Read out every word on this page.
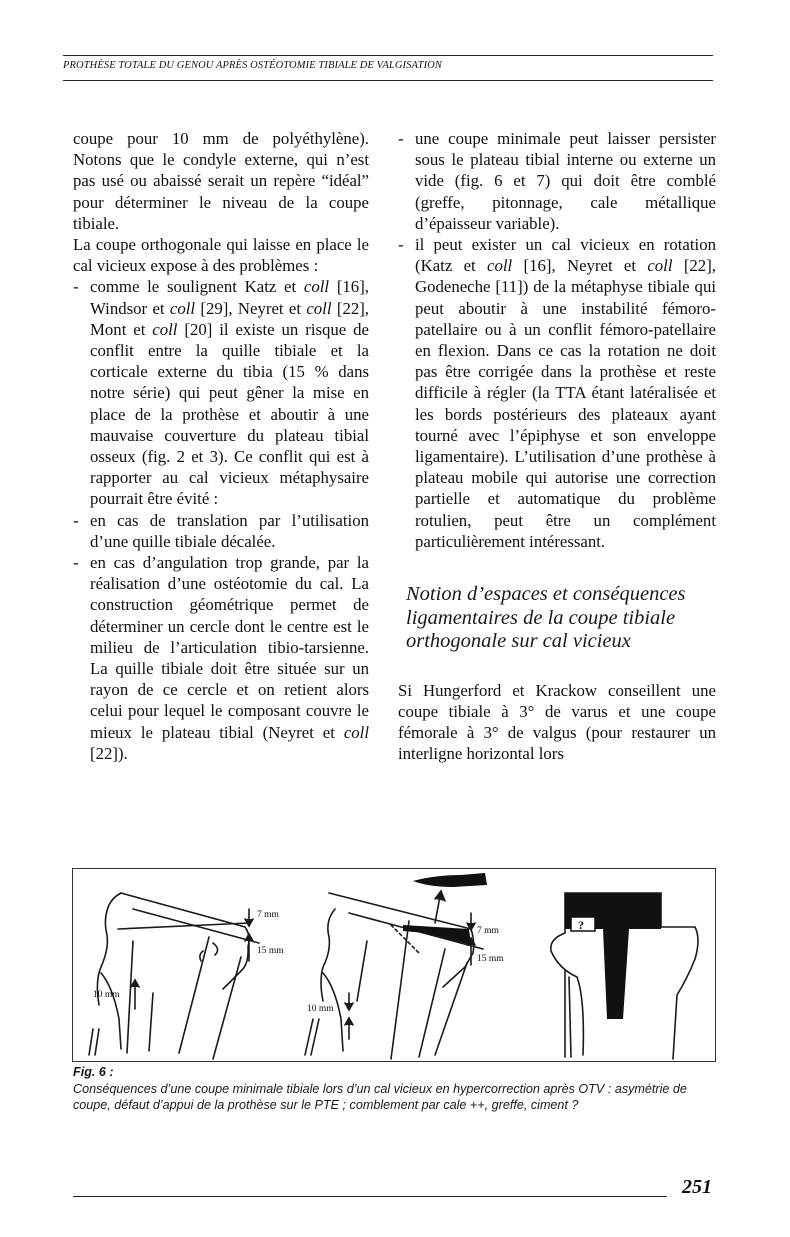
PROTHÈSE TOTALE DU GENOU APRÈS OSTÉOTOMIE TIBIALE DE VALGISATION

coupe pour 10 mm de polyéthylène). Notons que le condyle externe, qui n’est pas usé ou abaissé serait un repère “idéal” pour déterminer le niveau de la coupe tibiale.

La coupe orthogonale qui laisse en place le cal vicieux expose à des problèmes :

- comme le soulignent Katz et coll [16], Windsor et coll [29], Neyret et coll [22], Mont et coll [20] il existe un risque de conflit entre la quille tibiale et la corticale externe du tibia (15 % dans notre série) qui peut gêner la mise en place de la prothèse et aboutir à une mauvaise couverture du plateau tibial osseux (fig. 2 et 3). Ce conflit qui est à rapporter au cal vicieux métaphysaire pourrait être évité :
- en cas de translation par l’utilisation d’une quille tibiale décalée.
- en cas d’angulation trop grande, par la réalisation d’une ostéotomie du cal. La construction géométrique permet de déterminer un cercle dont le centre est le milieu de l’articulation tibio-tarsienne. La quille tibiale doit être située sur un rayon de ce cercle et on retient alors celui pour lequel le composant couvre le mieux le plateau tibial (Neyret et coll [22]).
- une coupe minimale peut laisser persister sous le plateau tibial interne ou externe un vide (fig. 6 et 7) qui doit être comblé (greffe, pitonnage, cale métallique d’épaisseur variable).
- il peut exister un cal vicieux en rotation (Katz et coll [16], Neyret et coll [22], Godeneche [11]) de la métaphyse tibiale qui peut aboutir à une instabilité fémoro-patellaire ou à un conflit fémoro-patellaire en flexion. Dans ce cas la rotation ne doit pas être corrigée dans la prothèse et reste difficile à régler (la TTA étant latéralisée et les bords postérieurs des plateaux ayant tourné avec l’épiphyse et son enveloppe ligamentaire). L’utilisation d’une prothèse à plateau mobile qui autorise une correction partielle et automatique du problème rotulien, peut être un complément particulièrement intéressant.
Notion d’espaces et conséquences ligamentaires de la coupe tibiale orthogonale sur cal vicieux

Si Hungerford et Krackow conseillent une coupe tibiale à 3° de varus et une coupe fémorale à 3° de valgus (pour restaurer un interligne horizontal lors

7 mm
15 mm
10 mm
7 mm
15 mm
10 mm
?
Fig. 6 :
Conséquences d’une coupe minimale tibiale lors d’un cal vicieux en hypercorrection après OTV : asymétrie de coupe, défaut d’appui de la prothèse sur le PTE ; comblement par cale ++, greffe, ciment ?
251
